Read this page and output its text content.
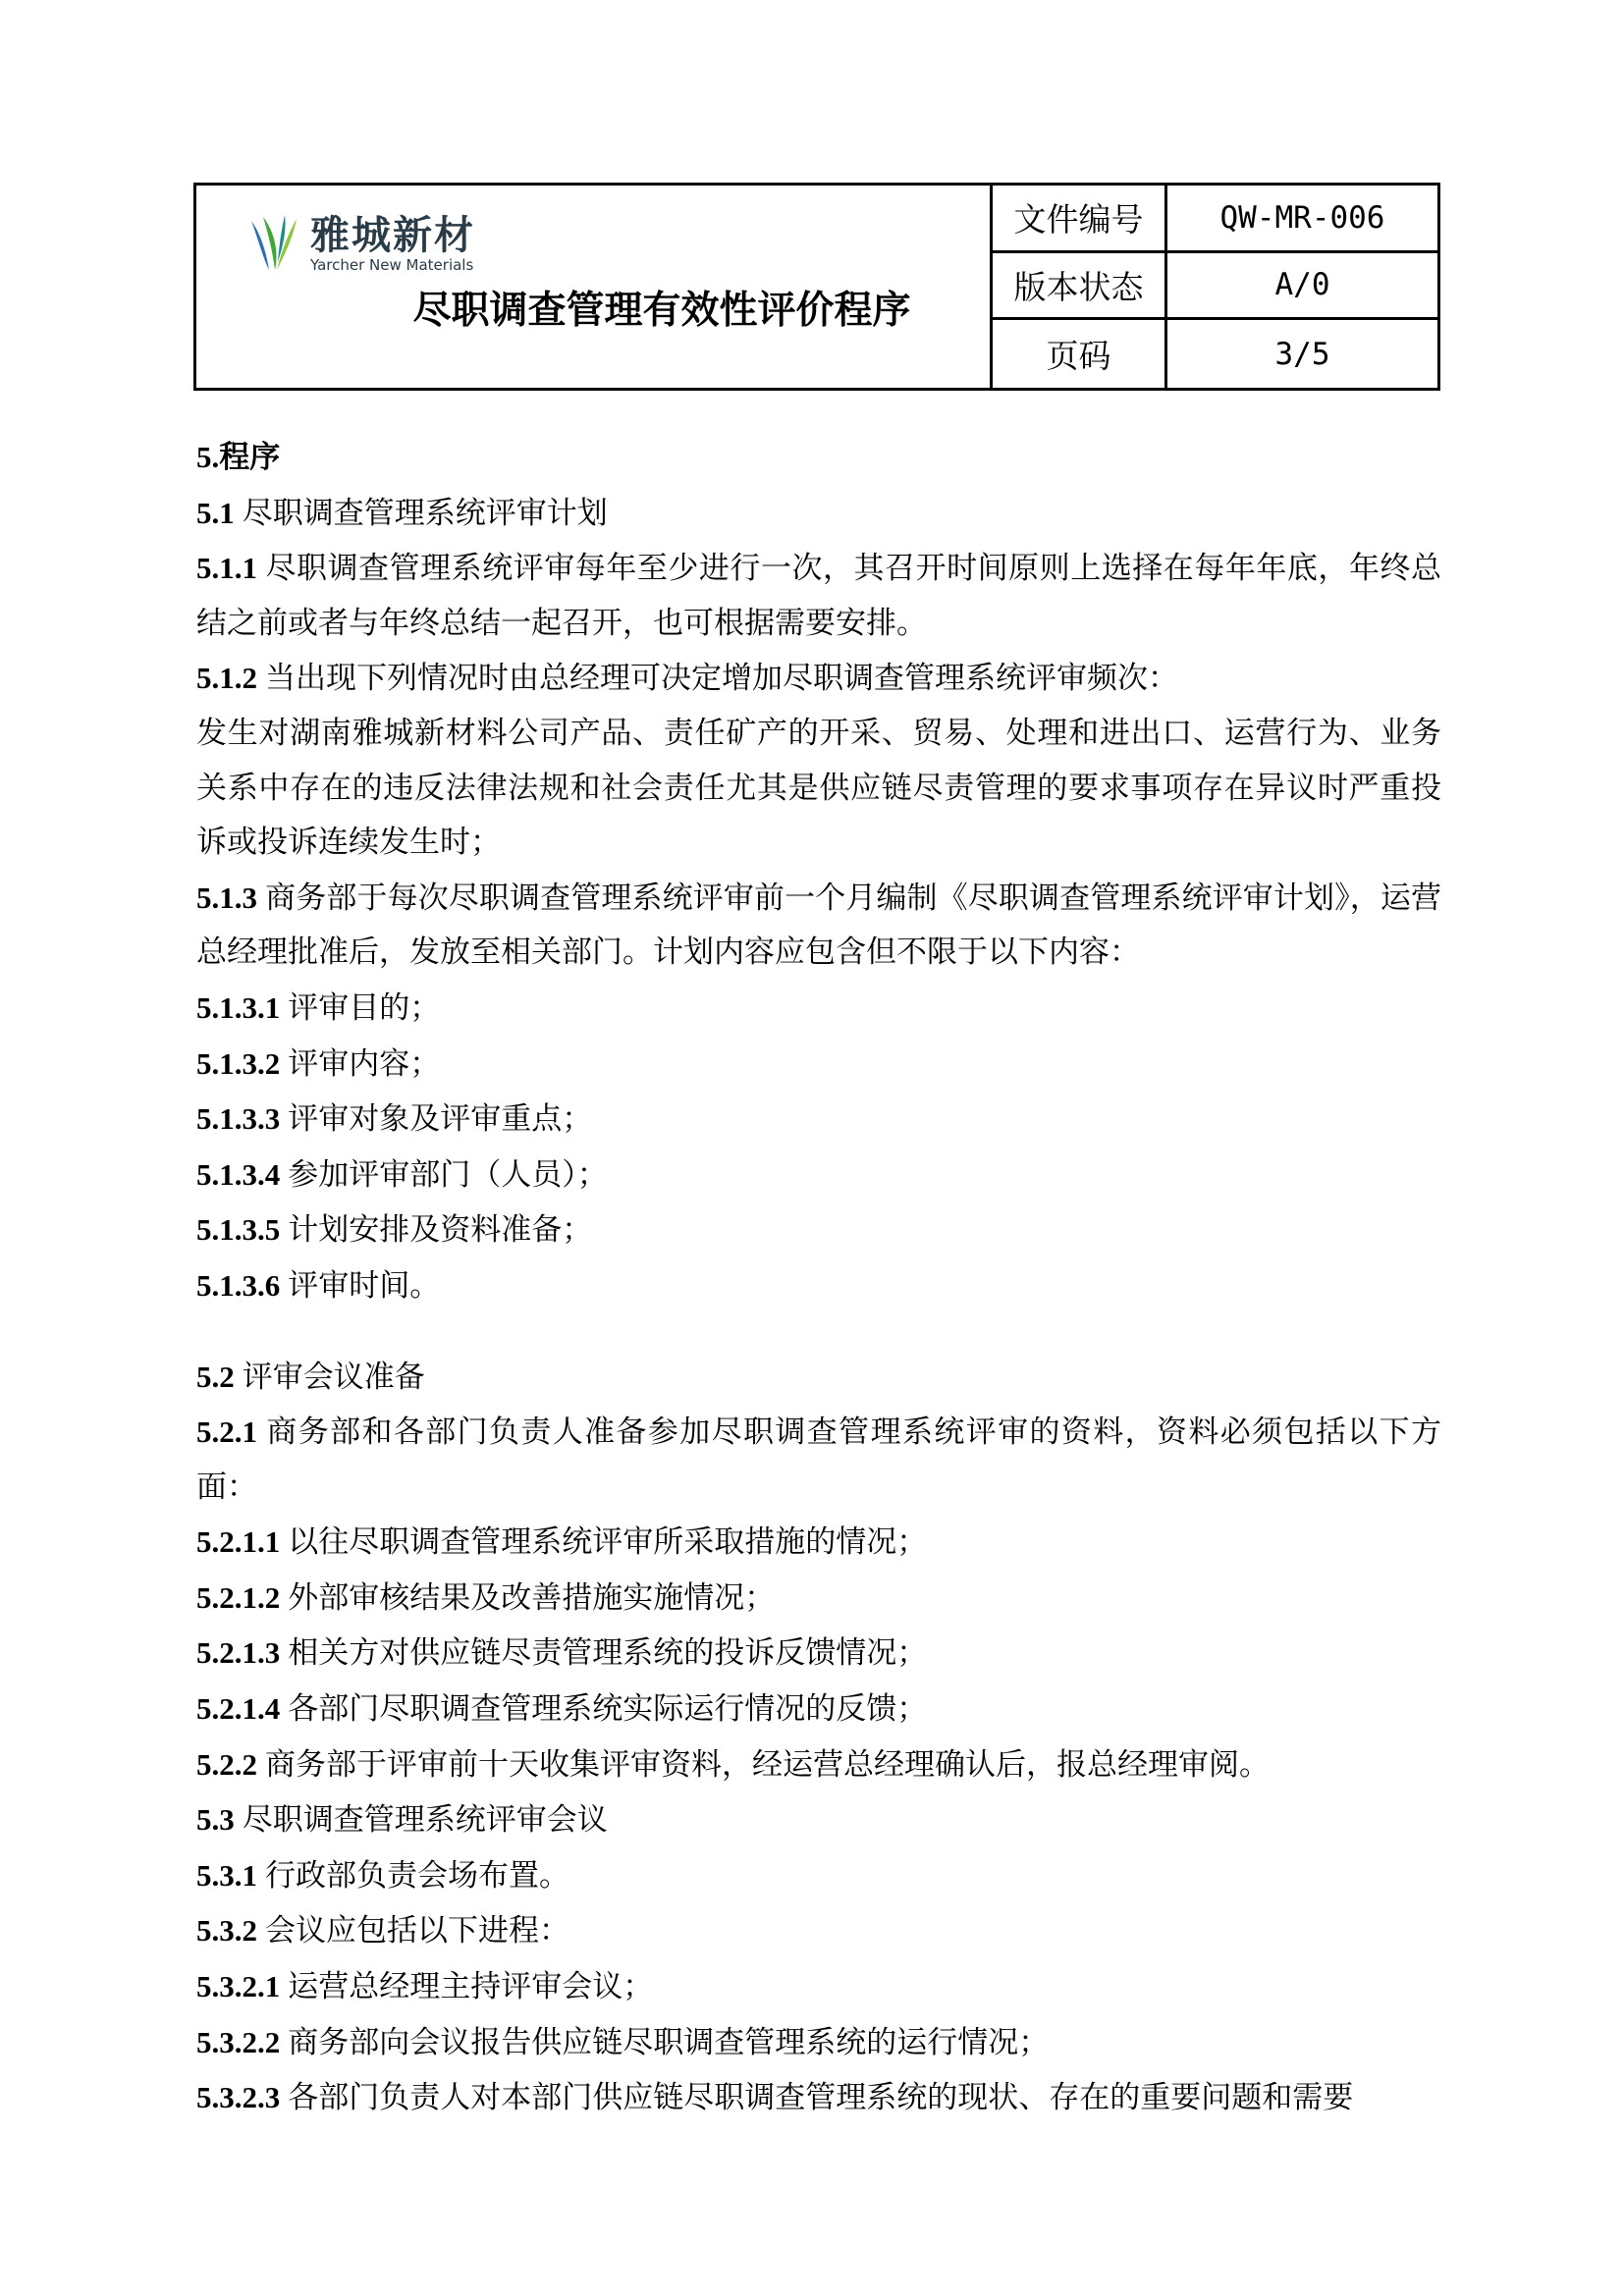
雅城新材
Yarcher New Materials
尽职调查管理有效性评价程序
文件编号	QW-MR-006
版本状态	A/0
页码	3/5

5.程序

5.1 尽职调查管理系统评审计划

5.1.1 尽职调查管理系统评审每年至少进行一次，其召开时间原则上选择在每年年底，年终总结之前或者与年终总结一起召开，也可根据需要安排。

5.1.2 当出现下列情况时由总经理可决定增加尽职调查管理系统评审频次：

发生对湖南雅城新材料公司产品、责任矿产的开采、贸易、处理和进出口、运营行为、业务关系中存在的违反法律法规和社会责任尤其是供应链尽责管理的要求事项存在异议时严重投诉或投诉连续发生时；

5.1.3 商务部于每次尽职调查管理系统评审前一个月编制《尽职调查管理系统评审计划》，运营总经理批准后，发放至相关部门。计划内容应包含但不限于以下内容：

5.1.3.1 评审目的；

5.1.3.2 评审内容；

5.1.3.3 评审对象及评审重点；

5.1.3.4 参加评审部门（人员）；

5.1.3.5 计划安排及资料准备；

5.1.3.6 评审时间。

5.2 评审会议准备

5.2.1 商务部和各部门负责人准备参加尽职调查管理系统评审的资料，资料必须包括以下方面：

5.2.1.1 以往尽职调查管理系统评审所采取措施的情况；

5.2.1.2 外部审核结果及改善措施实施情况；

5.2.1.3 相关方对供应链尽责管理系统的投诉反馈情况；

5.2.1.4 各部门尽职调查管理系统实际运行情况的反馈；

5.2.2 商务部于评审前十天收集评审资料，经运营总经理确认后，报总经理审阅。

5.3 尽职调查管理系统评审会议

5.3.1 行政部负责会场布置。

5.3.2 会议应包括以下进程：

5.3.2.1 运营总经理主持评审会议；

5.3.2.2 商务部向会议报告供应链尽职调查管理系统的运行情况；

5.3.2.3 各部门负责人对本部门供应链尽职调查管理系统的现状、存在的重要问题和需要
